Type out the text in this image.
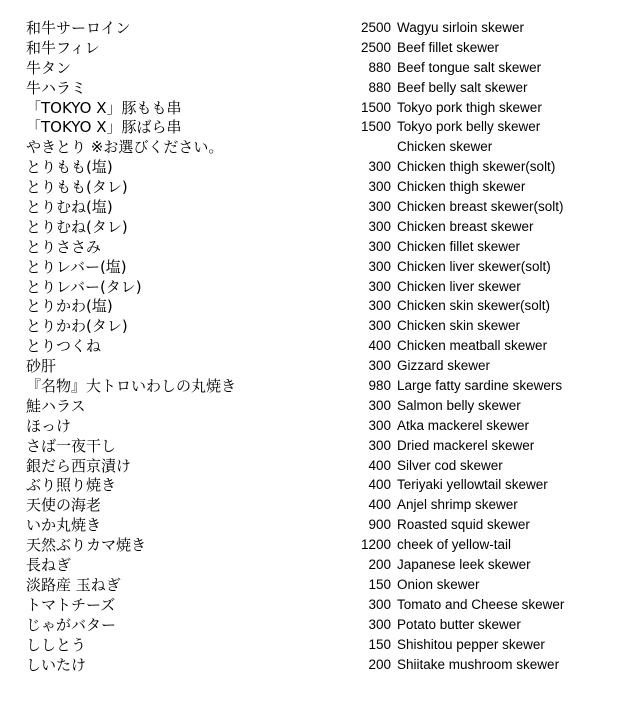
和牛サーロイン	2500 Wagyu sirloin skewer
和牛フィレ	2500 Beef fillet skewer
牛タン	880 Beef tongue salt skewer
牛ハラミ	880 Beef belly salt skewer
「TOKYO X」豚もも串	1500 Tokyo pork thigh skewer
「TOKYO X」豚ばら串	1500 Tokyo pork belly skewer
やきとり ※お選びください。	Chicken skewer
とりもも(塩)	300 Chicken thigh skewer(solt)
とりもも(タレ)	300 Chicken thigh skewer
とりむね(塩)	300 Chicken breast skewer(solt)
とりむね(タレ)	300 Chicken breast skewer
とりささみ	300 Chicken fillet skewer
とりレバー(塩)	300 Chicken liver skewer(solt)
とりレバー(タレ)	300 Chicken liver skewer
とりかわ(塩)	300 Chicken skin skewer(solt)
とりかわ(タレ)	300 Chicken skin skewer
とりつくね	400 Chicken meatball skewer
砂肝	300 Gizzard skewer
『名物』大トロいわしの丸焼き	980 Large fatty sardine skewers
鮭ハラス	300 Salmon belly skewer
ほっけ	300 Atka mackerel skewer
さば一夜干し	300 Dried mackerel skewer
銀だら西京漬け	400 Silver cod skewer
ぶり照り焼き	400 Teriyaki yellowtail skewer
天使の海老	400 Anjel shrimp skewer
いか丸焼き	900 Roasted squid skewer
天然ぶりカマ焼き	1200 cheek of yellow-tail
長ねぎ	200 Japanese leek skewer
淡路産 玉ねぎ	150 Onion skewer
トマトチーズ	300 Tomato and Cheese skewer
じゃがバター	300 Potato butter skewer
ししとう	150 Shishitou pepper skewer
しいたけ	200 Shiitake mushroom skewer
